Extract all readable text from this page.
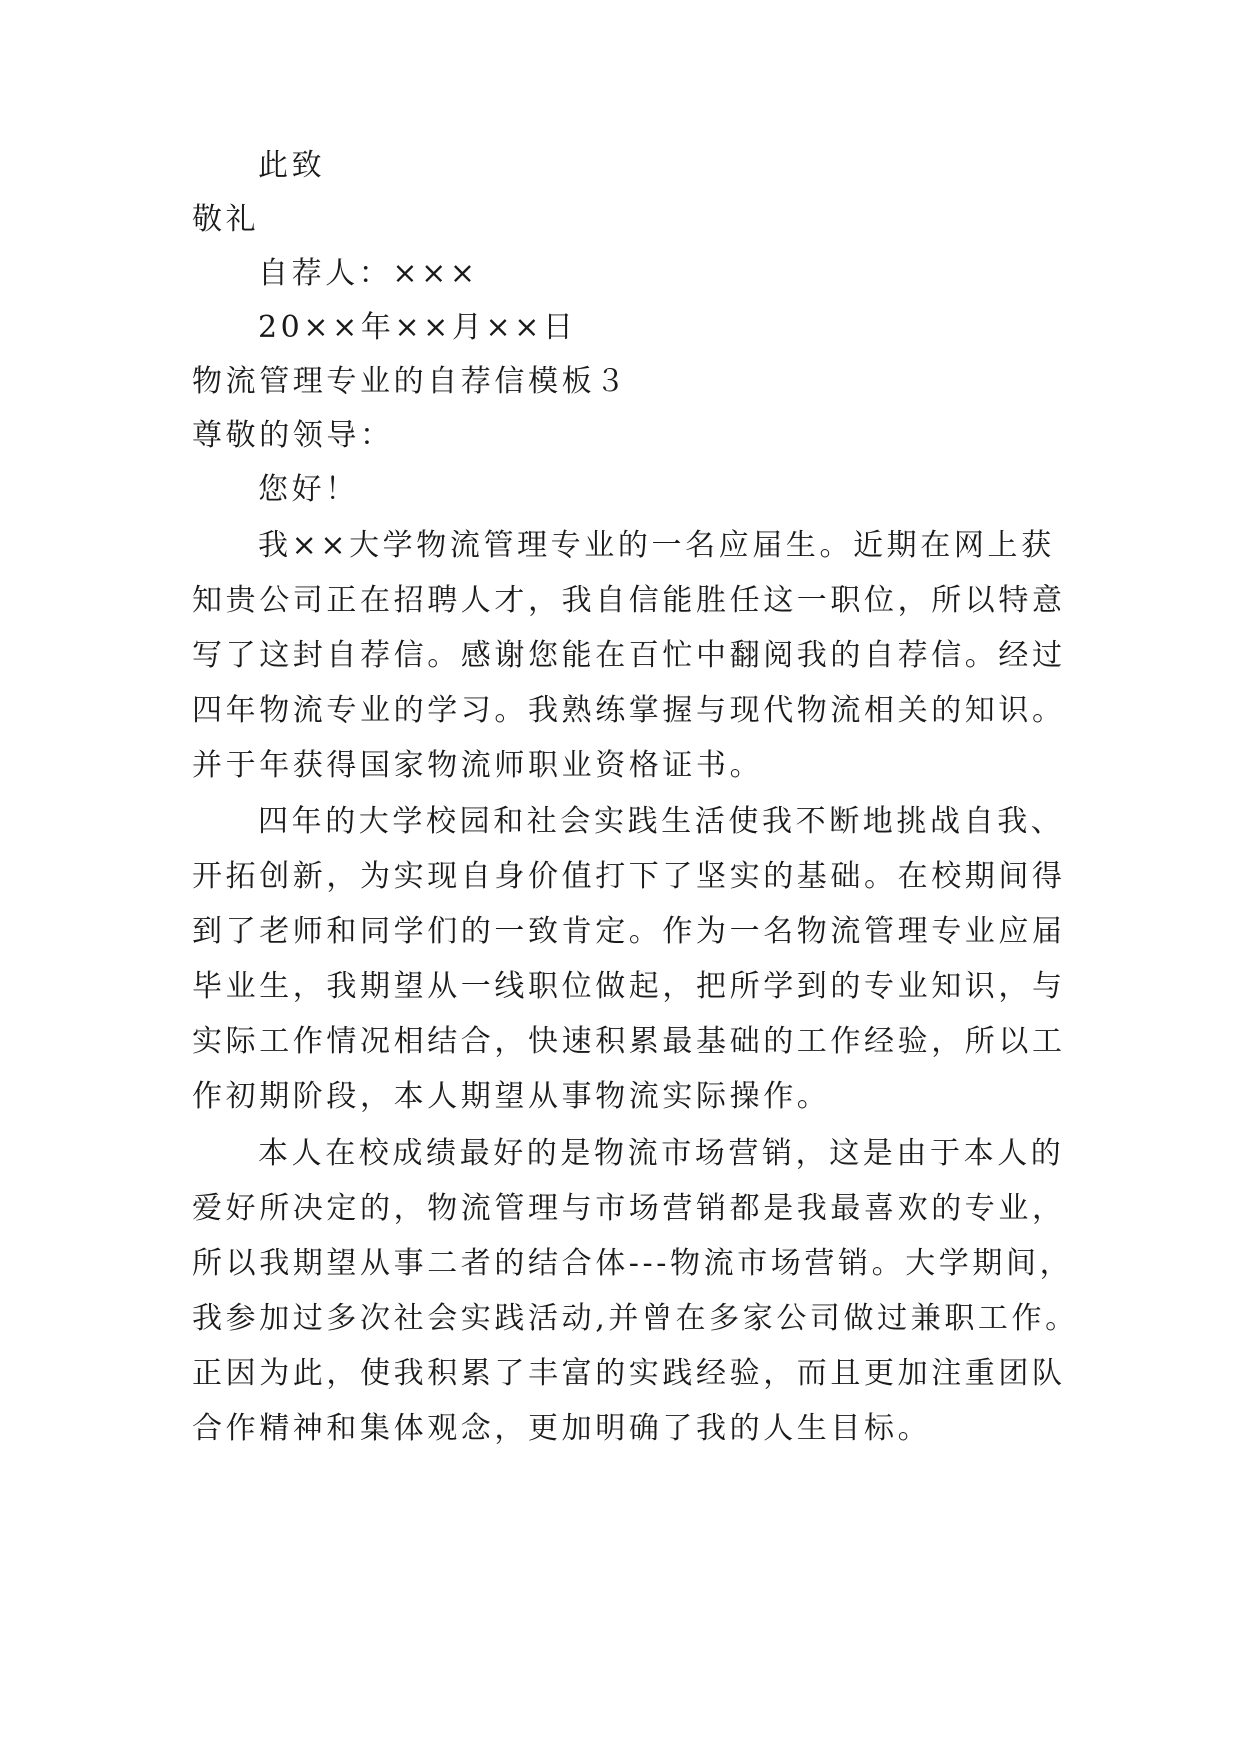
此致
敬礼
自荐人：×××
20××年××月××日
物流管理专业的自荐信模板３
尊敬的领导：
您好！
我××大学物流管理专业的一名应届生。近期在网上获
知贵公司正在招聘人才，我自信能胜任这一职位，所以特意
写了这封自荐信。感谢您能在百忙中翻阅我的自荐信。经过
四年物流专业的学习。我熟练掌握与现代物流相关的知识。
并于年获得国家物流师职业资格证书。
四年的大学校园和社会实践生活使我不断地挑战自我、
开拓创新，为实现自身价值打下了坚实的基础。在校期间得
到了老师和同学们的一致肯定。作为一名物流管理专业应届
毕业生，我期望从一线职位做起，把所学到的专业知识，与
实际工作情况相结合，快速积累最基础的工作经验，所以工
作初期阶段，本人期望从事物流实际操作。
本人在校成绩最好的是物流市场营销，这是由于本人的
爱好所决定的，物流管理与市场营销都是我最喜欢的专业，
所以我期望从事二者的结合体---物流市场营销。大学期间，
我参加过多次社会实践活动,并曾在多家公司做过兼职工作。
正因为此，使我积累了丰富的实践经验，而且更加注重团队
合作精神和集体观念，更加明确了我的人生目标。
